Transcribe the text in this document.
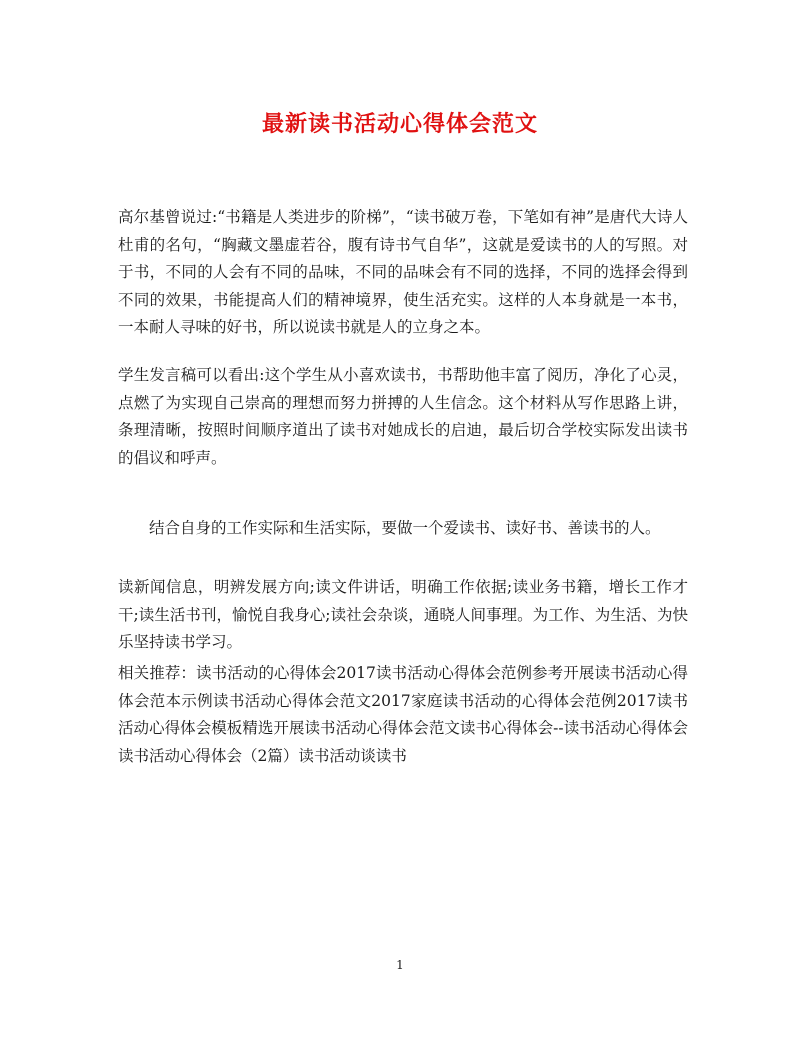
最新读书活动心得体会范文

高尔基曾说过:“书籍是人类进步的阶梯”，“读书破万卷，下笔如有神”是唐代大诗人杜甫的名句，“胸藏文墨虚若谷，腹有诗书气自华”，这就是爱读书的人的写照。对于书，不同的人会有不同的品味，不同的品味会有不同的选择，不同的选择会得到不同的效果，书能提高人们的精神境界，使生活充实。这样的人本身就是一本书，一本耐人寻味的好书，所以说读书就是人的立身之本。

学生发言稿可以看出:这个学生从小喜欢读书，书帮助他丰富了阅历，净化了心灵，点燃了为实现自己崇高的理想而努力拼搏的人生信念。这个材料从写作思路上讲，条理清晰，按照时间顺序道出了读书对她成长的启迪，最后切合学校实际发出读书的倡议和呼声。

结合自身的工作实际和生活实际，要做一个爱读书、读好书、善读书的人。

读新闻信息，明辨发展方向;读文件讲话，明确工作依据;读业务书籍，增长工作才干;读生活书刊，愉悦自我身心;读社会杂谈，通晓人间事理。为工作、为生活、为快乐坚持读书学习。

相关推荐：读书活动的心得体会2017读书活动心得体会范例参考开展读书活动心得体会范本示例读书活动心得体会范文2017家庭读书活动的心得体会范例2017读书活动心得体会模板精选开展读书活动心得体会范文读书心得体会--读书活动心得体会读书活动心得体会（2篇）读书活动谈读书

1
